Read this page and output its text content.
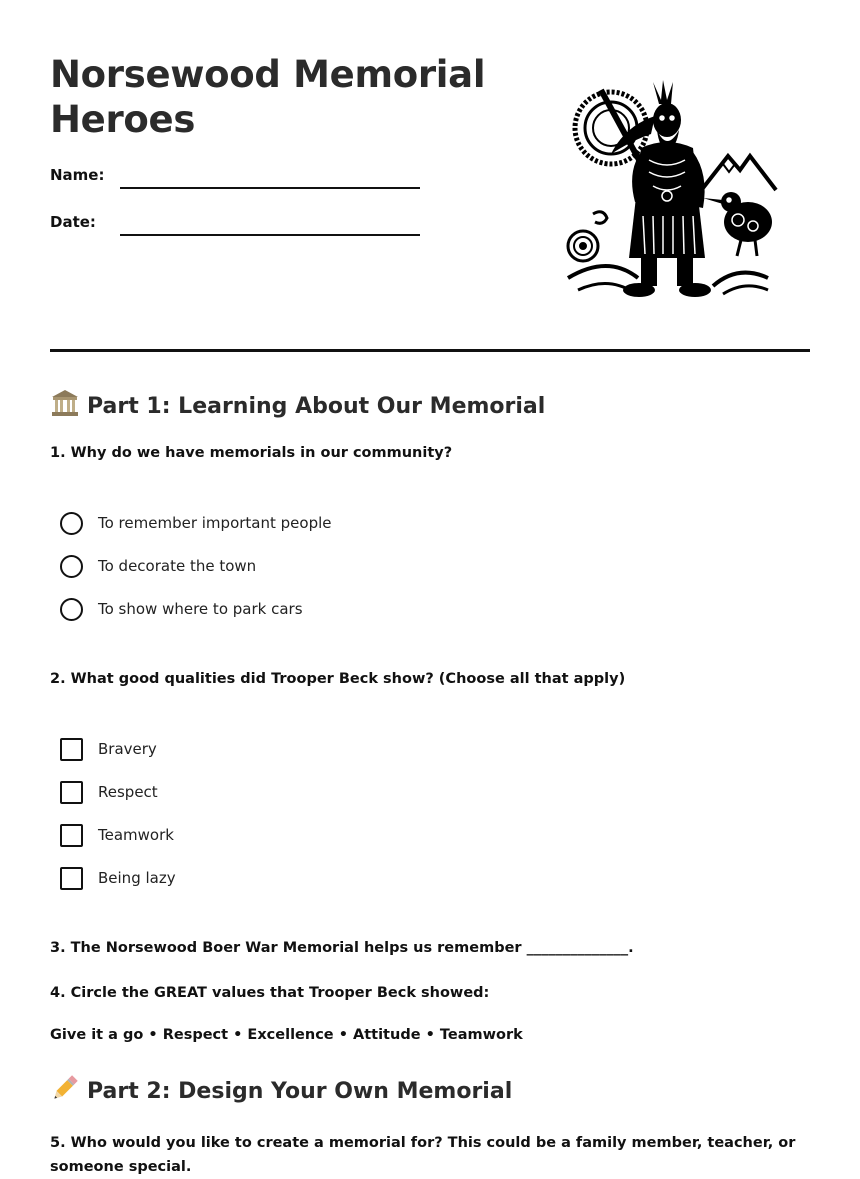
Norsewood Memorial Heroes
Name:
Date:
Part 1: Learning About Our Memorial

1. Why do we have memorials in our community?

To remember important people
To decorate the town
To show where to park cars

2. What good qualities did Trooper Beck show? (Choose all that apply)

Bravery
Respect
Teamwork
Being lazy

3. The Norsewood Boer War Memorial helps us remember ______________.

4. Circle the GREAT values that Trooper Beck showed:

Give it a go • Respect • Excellence • Attitude • Teamwork

Part 2: Design Your Own Memorial

5. Who would you like to create a memorial for? This could be a family member, teacher, or someone special.
